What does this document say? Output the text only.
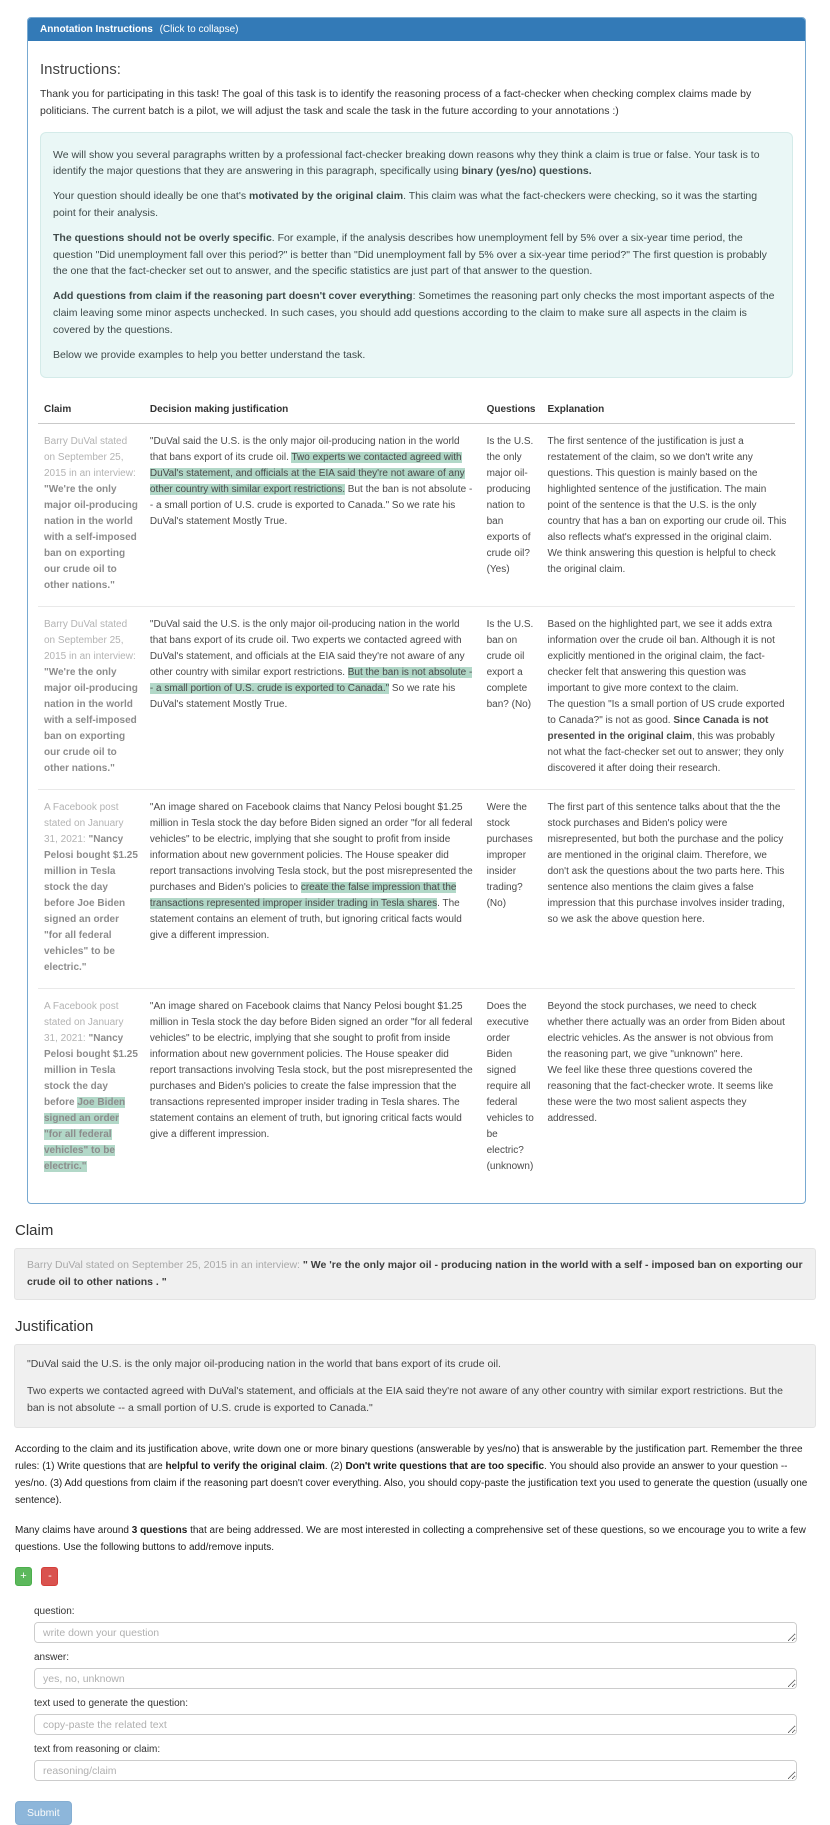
Annotation Instructions (Click to collapse)
Instructions:

Thank you for participating in this task! The goal of this task is to identify the reasoning process of a fact-checker when checking complex claims made by politicians. The current batch is a pilot, we will adjust the task and scale the task in the future according to your annotations :)

We will show you several paragraphs written by a professional fact-checker breaking down reasons why they think a claim is true or false. Your task is to identify the major questions that they are answering in this paragraph, specifically using binary (yes/no) questions.

Your question should ideally be one that's motivated by the original claim. This claim was what the fact-checkers were checking, so it was the starting point for their analysis.

The questions should not be overly specific. For example, if the analysis describes how unemployment fell by 5% over a six-year time period, the question "Did unemployment fall over this period?" is better than "Did unemployment fall by 5% over a six-year time period?" The first question is probably the one that the fact-checker set out to answer, and the specific statistics are just part of that answer to the question.

Add questions from claim if the reasoning part doesn't cover everything: Sometimes the reasoning part only checks the most important aspects of the claim leaving some minor aspects unchecked. In such cases, you should add questions according to the claim to make sure all aspects in the claim is covered by the questions.

Below we provide examples to help you better understand the task.

Claim	Decision making justification	Questions	Explanation
Barry DuVal stated on September 25, 2015 in an interview: "We're the only major oil-producing nation in the world with a self-imposed ban on exporting our crude oil to other nations."	"DuVal said the U.S. is the only major oil-producing nation in the world that bans export of its crude oil. Two experts we contacted agreed with DuVal's statement, and officials at the EIA said they're not aware of any other country with similar export restrictions. But the ban is not absolute -- a small portion of U.S. crude is exported to Canada." So we rate his DuVal's statement Mostly True.	Is the U.S. the only major oil-producing nation to ban exports of crude oil? (Yes)	The first sentence of the justification is just a restatement of the claim, so we don't write any questions. This question is mainly based on the highlighted sentence of the justification. The main point of the sentence is that the U.S. is the only country that has a ban on exporting our crude oil. This also reflects what's expressed in the original claim. We think answering this question is helpful to check the original claim.
Barry DuVal stated on September 25, 2015 in an interview: "We're the only major oil-producing nation in the world with a self-imposed ban on exporting our crude oil to other nations."	"DuVal said the U.S. is the only major oil-producing nation in the world that bans export of its crude oil. Two experts we contacted agreed with DuVal's statement, and officials at the EIA said they're not aware of any other country with similar export restrictions. But the ban is not absolute -- a small portion of U.S. crude is exported to Canada." So we rate his DuVal's statement Mostly True.	Is the U.S. ban on crude oil export a complete ban? (No)	Based on the highlighted part, we see it adds extra information over the crude oil ban. Although it is not explicitly mentioned in the original claim, the fact-checker felt that answering this question was important to give more context to the claim.
The question "Is a small portion of US crude exported to Canada?" is not as good. Since Canada is not presented in the original claim, this was probably not what the fact-checker set out to answer; they only discovered it after doing their research.
A Facebook post stated on January 31, 2021: "Nancy Pelosi bought $1.25 million in Tesla stock the day before Joe Biden signed an order "for all federal vehicles" to be electric."	"An image shared on Facebook claims that Nancy Pelosi bought $1.25 million in Tesla stock the day before Biden signed an order "for all federal vehicles" to be electric, implying that she sought to profit from inside information about new government policies. The House speaker did report transactions involving Tesla stock, but the post misrepresented the purchases and Biden's policies to create the false impression that the transactions represented improper insider trading in Tesla shares. The statement contains an element of truth, but ignoring critical facts would give a different impression.	Were the stock purchases improper insider trading? (No)	The first part of this sentence talks about that the the stock purchases and Biden's policy were misrepresented, but both the purchase and the policy are mentioned in the original claim. Therefore, we don't ask the questions about the two parts here. This sentence also mentions the claim gives a false impression that this purchase involves insider trading, so we ask the above question here.
A Facebook post stated on January 31, 2021: "Nancy Pelosi bought $1.25 million in Tesla stock the day before Joe Biden signed an order "for all federal vehicles" to be electric."	"An image shared on Facebook claims that Nancy Pelosi bought $1.25 million in Tesla stock the day before Biden signed an order "for all federal vehicles" to be electric, implying that she sought to profit from inside information about new government policies. The House speaker did report transactions involving Tesla stock, but the post misrepresented the purchases and Biden's policies to create the false impression that the transactions represented improper insider trading in Tesla shares. The statement contains an element of truth, but ignoring critical facts would give a different impression.	Does the executive order Biden signed require all federal vehicles to be electric? (unknown)	Beyond the stock purchases, we need to check whether there actually was an order from Biden about electric vehicles. As the answer is not obvious from the reasoning part, we give "unknown" here.
We feel like these three questions covered the reasoning that the fact-checker wrote. It seems like these were the two most salient aspects they addressed.
Claim
Barry DuVal stated on September 25, 2015 in an interview: " We 're the only major oil - producing nation in the world with a self - imposed ban on exporting our crude oil to other nations . "
Justification

"DuVal said the U.S. is the only major oil-producing nation in the world that bans export of its crude oil.

Two experts we contacted agreed with DuVal's statement, and officials at the EIA said they're not aware of any other country with similar export restrictions. But the ban is not absolute -- a small portion of U.S. crude is exported to Canada."

According to the claim and its justification above, write down one or more binary questions (answerable by yes/no) that is answerable by the justification part. Remember the three rules: (1) Write questions that are helpful to verify the original claim. (2) Don't write questions that are too specific. You should also provide an answer to your question -- yes/no. (3) Add questions from claim if the reasoning part doesn't cover everything. Also, you should copy-paste the justification text you used to generate the question (usually one sentence).

Many claims have around 3 questions that are being addressed. We are most interested in collecting a comprehensive set of these questions, so we encourage you to write a few questions. Use the following buttons to add/remove inputs.

+ -
question:
write down your question
answer:
yes, no, unknown
text used to generate the question:
copy-paste the related text
text from reasoning or claim:
reasoning/claim
Submit
